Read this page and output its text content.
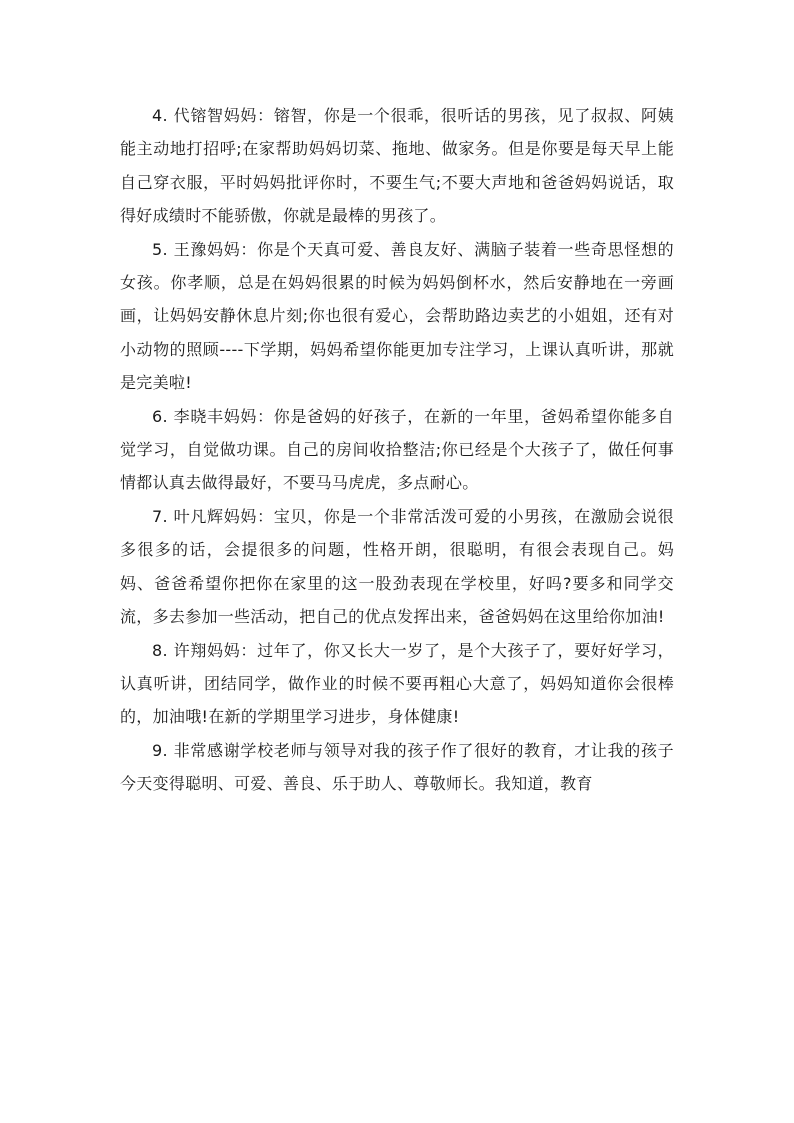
4. 代镕智妈妈：镕智，你是一个很乖，很听话的男孩，见了叔叔、阿姨能主动地打招呼;在家帮助妈妈切菜、拖地、做家务。但是你要是每天早上能自己穿衣服，平时妈妈批评你时，不要生气;不要大声地和爸爸妈妈说话，取得好成绩时不能骄傲，你就是最棒的男孩了。

5. 王豫妈妈：你是个天真可爱、善良友好、满脑子装着一些奇思怪想的女孩。你孝顺，总是在妈妈很累的时候为妈妈倒杯水，然后安静地在一旁画画，让妈妈安静休息片刻;你也很有爱心，会帮助路边卖艺的小姐姐，还有对小动物的照顾----下学期，妈妈希望你能更加专注学习，上课认真听讲，那就是完美啦!

6. 李晓丰妈妈：你是爸妈的好孩子，在新的一年里，爸妈希望你能多自觉学习，自觉做功课。自己的房间收拾整洁;你已经是个大孩子了，做任何事情都认真去做得最好，不要马马虎虎，多点耐心。

7. 叶凡辉妈妈：宝贝，你是一个非常活泼可爱的小男孩，在激励会说很多很多的话，会提很多的问题，性格开朗，很聪明，有很会表现自己。妈妈、爸爸希望你把你在家里的这一股劲表现在学校里，好吗?要多和同学交流，多去参加一些活动，把自己的优点发挥出来，爸爸妈妈在这里给你加油!

8. 许翔妈妈：过年了，你又长大一岁了，是个大孩子了，要好好学习，认真听讲，团结同学，做作业的时候不要再粗心大意了，妈妈知道你会很棒的，加油哦!在新的学期里学习进步，身体健康!

9. 非常感谢学校老师与领导对我的孩子作了很好的教育，才让我的孩子今天变得聪明、可爱、善良、乐于助人、尊敬师长。我知道，教育
